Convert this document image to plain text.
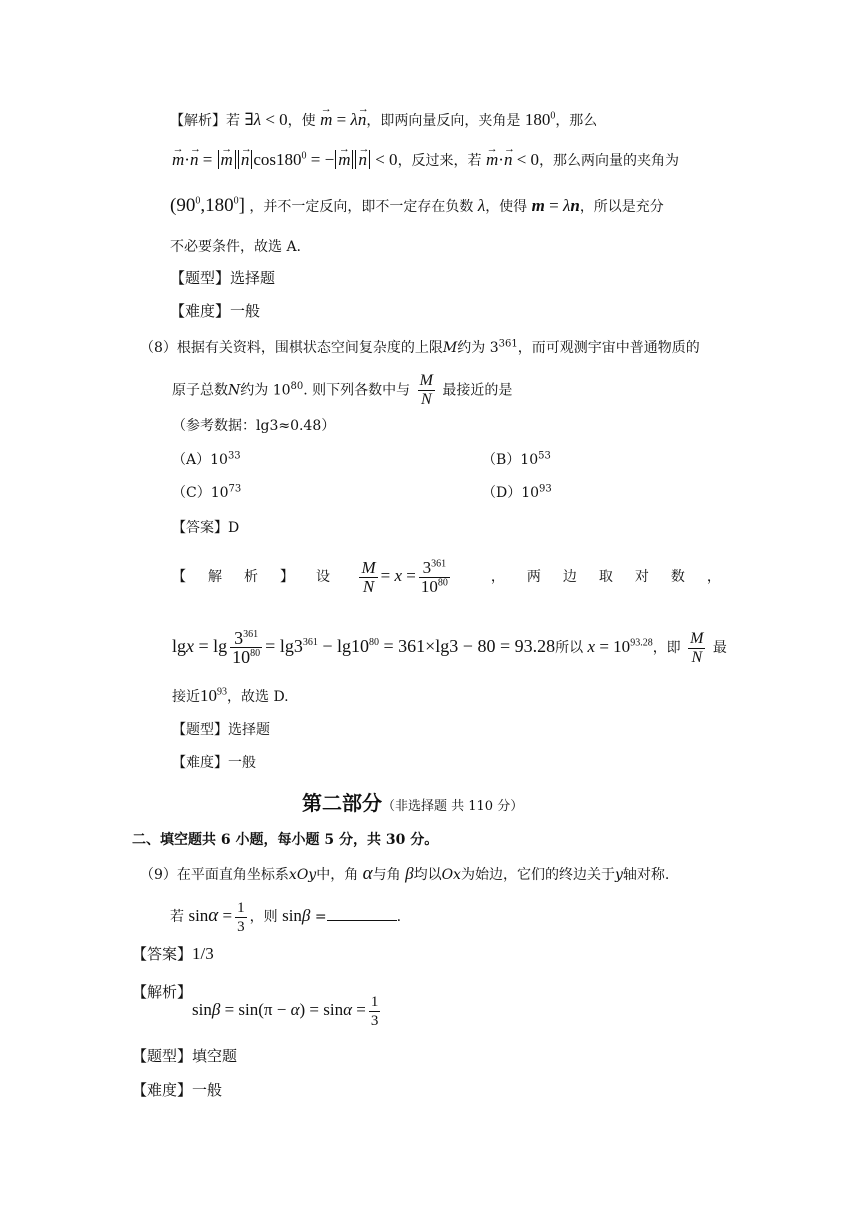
【解析】若 ∃λ < 0，使 → m = λ→ n，即两向量反向，夹角是 $180^0$，那么
→ m·→ n = → m → n $\cos 180^0$ = − → m → n < 0，反过来，若 → m·→ n < 0，那么两向量的夹角为
$(90^0,180^0]$ ，并不一定反向，即不一定存在负数 λ，使得 m = λn，所以是充分
不必要条件，故选 A.
【题型】选择题
【难度】一般
（8）根据有关资料，围棋状态空间复杂度的上限M约为 $3^{361}$，而可观测宇宙中普通物质的
原子总数N约为 $10^{80}$. 则下列各数中与 $\frac{M}{N}$ 最接近的是
（参考数据：lg3≈0.48）
$(A)10^{33}$	$(B)10^{53}$
$(C)10^{73}$	$(D)10^{93}$
【答案】D
【 解 析 】 设 $\frac{M}{N} = x = \frac{3^{361}}{10^{80}}$	， 两 边 取 对 数 ，
$\lg x = \lg \frac{3^{361}}{10^{80}} = \lg 3^{361} - \lg 10^{80} = 361\times\lg 3 - 80 = 93.28$所以 $x = 10^{93.28}$，即 $\frac{M}{N}$ 最
接近$10^{93}$，故选 D.
【题型】选择题
【难度】一般
第二部分（非选择题 共 110 分）
二、填空题共 6 小题，每小题 5 分，共 30 分。
（9）在平面直角坐标系xOy中，角 α与角 β均以Ox为始边，它们的终边关于y轴对称.
若 $\sin\alpha = \frac{1}{3}$ ，则 sinβ =	.
【答案】1/3
【解析】
$\sin\beta = \sin(\pi - \alpha) = \sin\alpha = \frac{1}{3}$
【题型】填空题
【难度】一般
